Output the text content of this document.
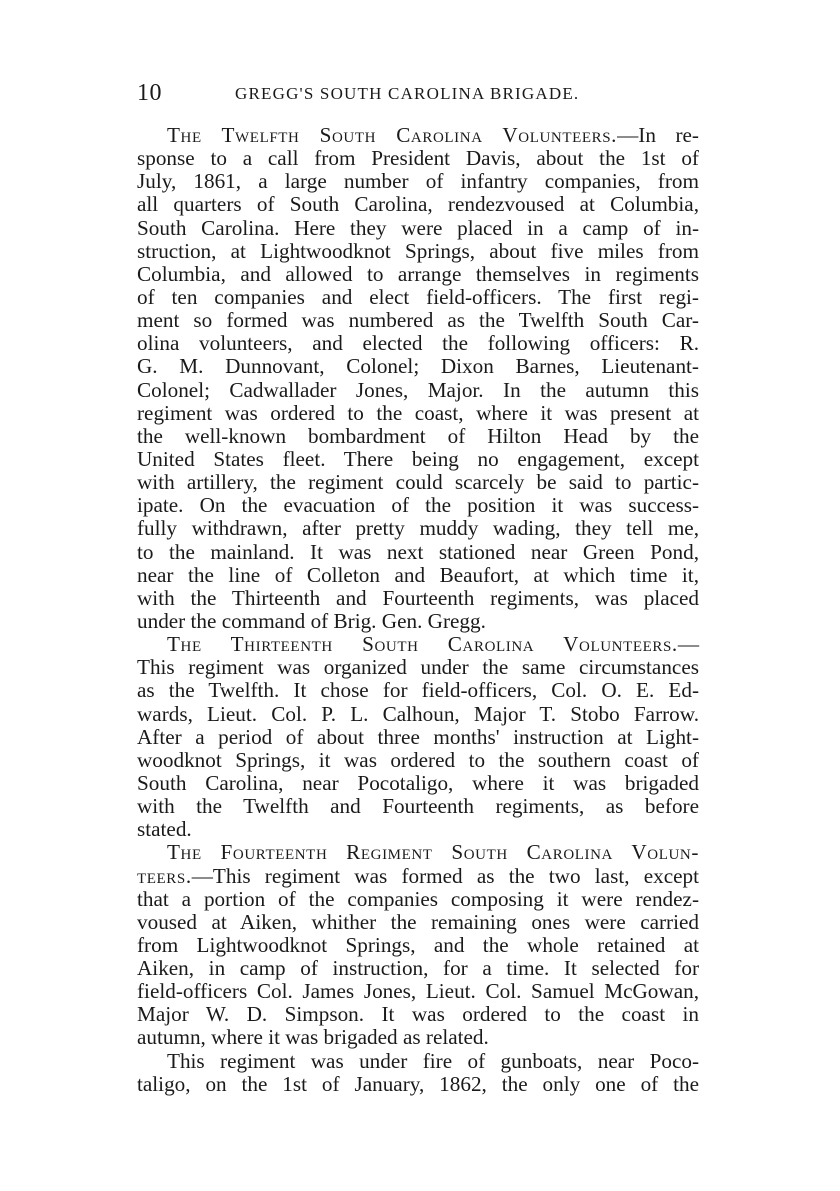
10	GREGG'S SOUTH CAROLINA BRIGADE.
The Twelfth South Carolina Volunteers.—In re-
sponse to a call from President Davis, about the 1st of
July, 1861, a large number of infantry companies, from
all quarters of South Carolina, rendezvoused at Columbia,
South Carolina. Here they were placed in a camp of in-
struction, at Lightwoodknot Springs, about five miles from
Columbia, and allowed to arrange themselves in regiments
of ten companies and elect field-officers. The first regi-
ment so formed was numbered as the Twelfth South Car-
olina volunteers, and elected the following officers: R.
G. M. Dunnovant, Colonel; Dixon Barnes, Lieutenant-
Colonel; Cadwallader Jones, Major. In the autumn this
regiment was ordered to the coast, where it was present at
the well-known bombardment of Hilton Head by the
United States fleet. There being no engagement, except
with artillery, the regiment could scarcely be said to partic-
ipate. On the evacuation of the position it was success-
fully withdrawn, after pretty muddy wading, they tell me,
to the mainland. It was next stationed near Green Pond,
near the line of Colleton and Beaufort, at which time it,
with the Thirteenth and Fourteenth regiments, was placed
under the command of Brig. Gen. Gregg.
The Thirteenth South Carolina Volunteers.—
This regiment was organized under the same circumstances
as the Twelfth. It chose for field-officers, Col. O. E. Ed-
wards, Lieut. Col. P. L. Calhoun, Major T. Stobo Farrow.
After a period of about three months' instruction at Light-
woodknot Springs, it was ordered to the southern coast of
South Carolina, near Pocotaligo, where it was brigaded
with the Twelfth and Fourteenth regiments, as before
stated.
The Fourteenth Regiment South Carolina Volun-
teers.—This regiment was formed as the two last, except
that a portion of the companies composing it were rendez-
voused at Aiken, whither the remaining ones were carried
from Lightwoodknot Springs, and the whole retained at
Aiken, in camp of instruction, for a time. It selected for
field-officers Col. James Jones, Lieut. Col. Samuel McGowan,
Major W. D. Simpson. It was ordered to the coast in
autumn, where it was brigaded as related.
This regiment was under fire of gunboats, near Poco-
taligo, on the 1st of January, 1862, the only one of the
